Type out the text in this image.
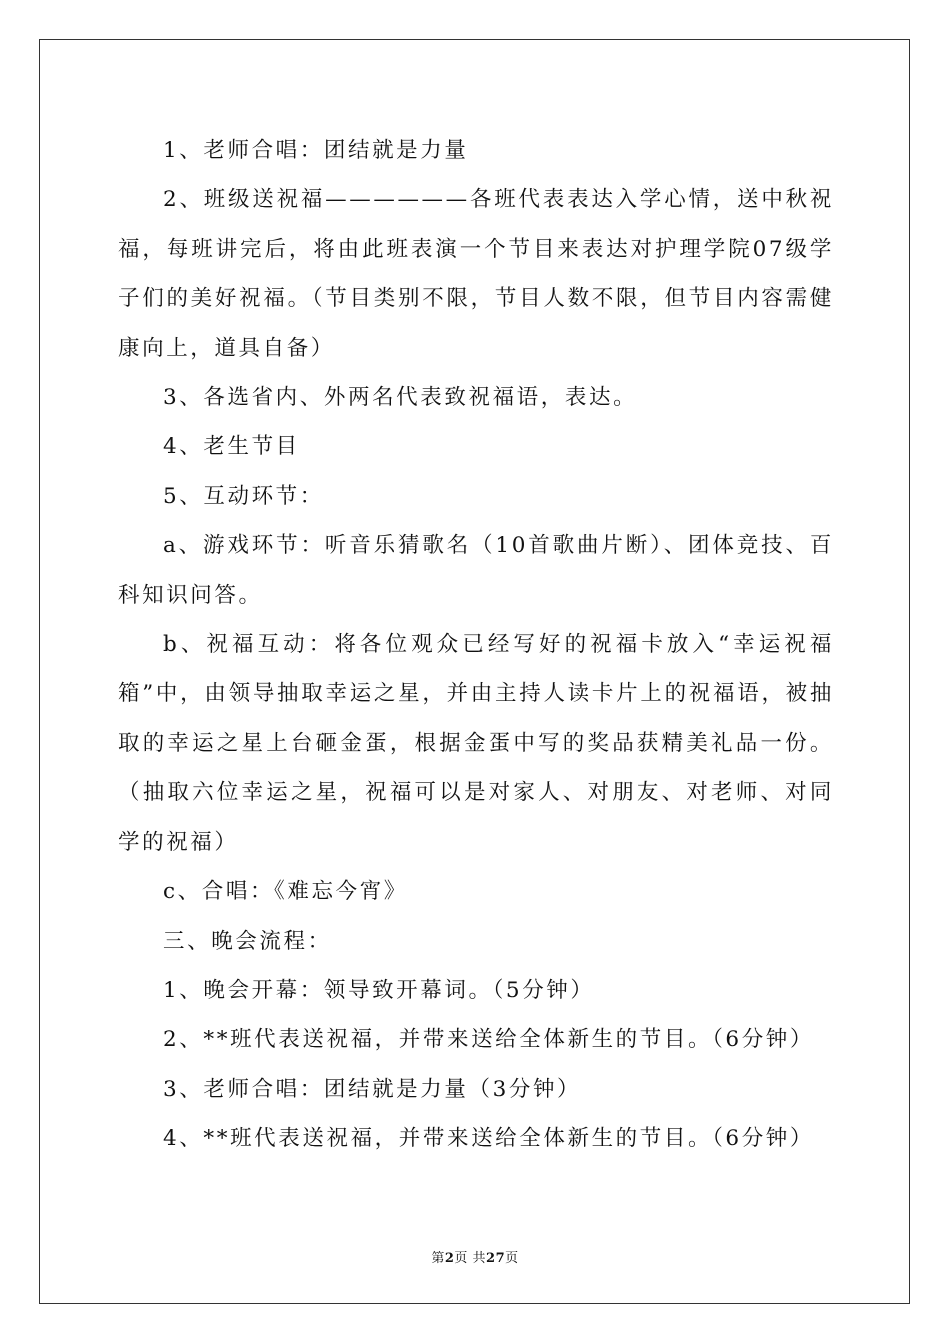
1、老师合唱：团结就是力量

2、班级送祝福——————各班代表表达入学心情，送中秋祝福，每班讲完后，将由此班表演一个节目来表达对护理学院07级学子们的美好祝福。（节目类别不限，节目人数不限，但节目内容需健康向上，道具自备）

3、各选省内、外两名代表致祝福语，表达。

4、老生节目

5、互动环节：

a、游戏环节：听音乐猜歌名（10首歌曲片断）、团体竞技、百科知识问答。

b、祝福互动：将各位观众已经写好的祝福卡放入“幸运祝福箱”中，由领导抽取幸运之星，并由主持人读卡片上的祝福语，被抽取的幸运之星上台砸金蛋，根据金蛋中写的奖品获精美礼品一份。（抽取六位幸运之星，祝福可以是对家人、对朋友、对老师、对同学的祝福）

c、合唱：《难忘今宵》

三、晚会流程：

1、晚会开幕：领导致开幕词。（5分钟）

2、**班代表送祝福，并带来送给全体新生的节目。（6分钟）

3、老师合唱：团结就是力量（3分钟）

4、**班代表送祝福，并带来送给全体新生的节目。（6分钟）

第2页 共27页
